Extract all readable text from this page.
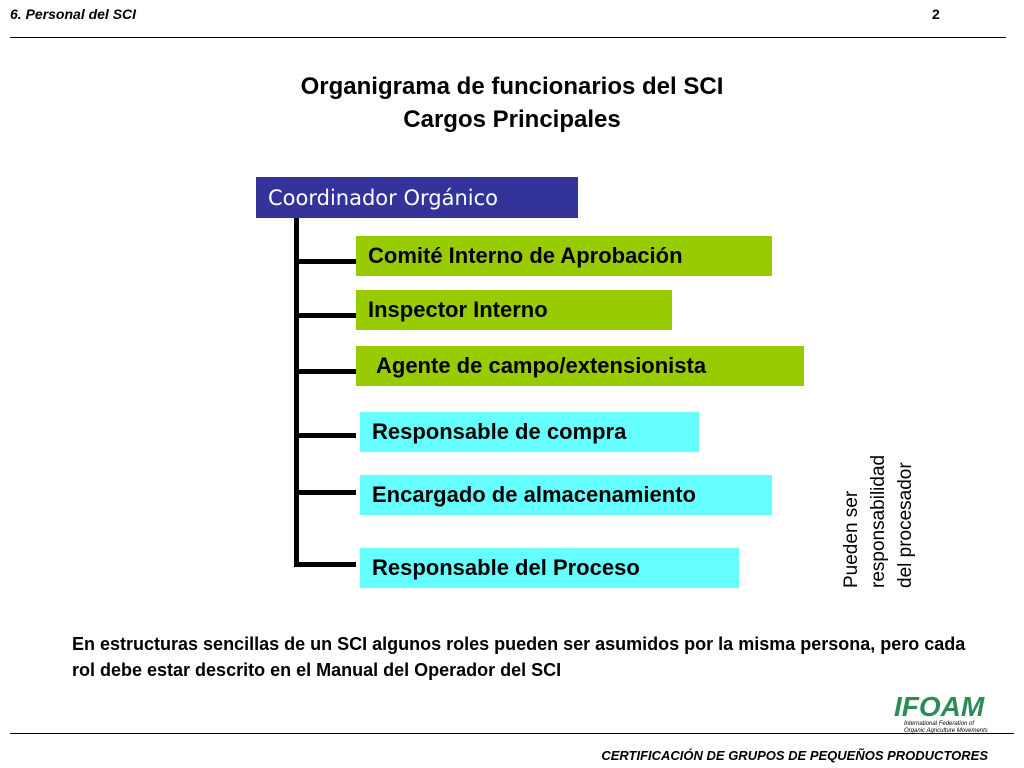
6. Personal del SCI	2
Organigrama de funcionarios del SCI
Cargos Principales
Coordinador Orgánico
Comité Interno de Aprobación
Inspector Interno
Agente de campo/extensionista
Responsable de compra
Encargado de almacenamiento
Responsable del Proceso	Pueden ser
responsabilidad
del procesador
En estructuras sencillas de un SCI algunos roles pueden ser asumidos por la misma persona, pero cada rol debe estar descrito en el Manual del Operador del SCI
IFOAM
International Federation of
Organic Agriculture Movements
CERTIFICACIÓN DE GRUPOS DE PEQUEÑOS PRODUCTORES
